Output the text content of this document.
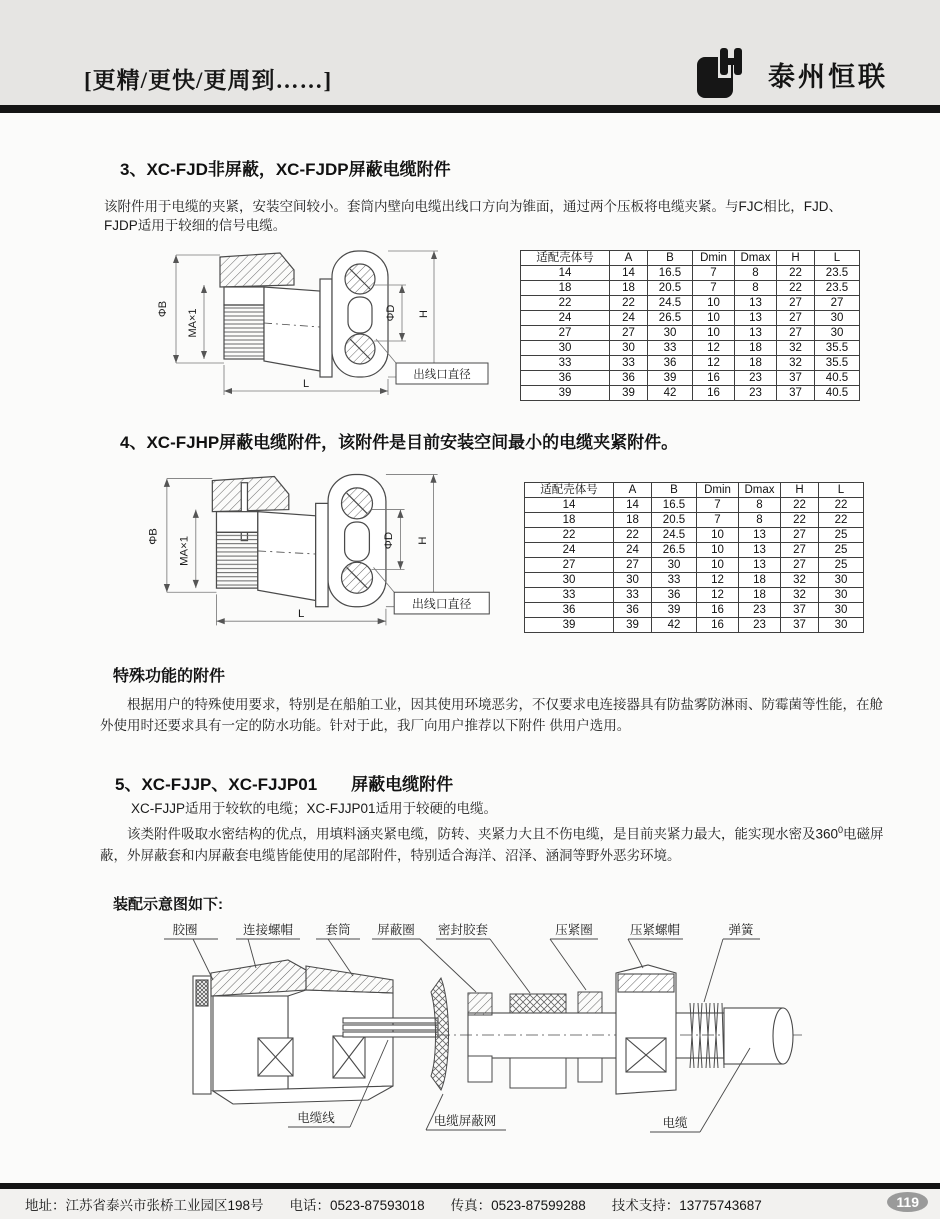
[更精/更快/更周到……]	泰州恒联
3、XC-FJD非屏蔽，XC-FJDP屏蔽电缆附件

该附件用于电缆的夹紧，安装空间较小。套筒内壁向电缆出线口方向为锥面，通过两个压板将电缆夹紧。与FJC相比，FJD、FJDP适用于较细的信号电缆。

ΦB MA×1	ΦD H
L
出线口直径
适配壳体号	A	B	Dmin	Dmax	H	L
14	14	16.5	7	8	22	23.5
18	18	20.5	7	8	22	23.5
22	22	24.5	10	13	27	27
24	24	26.5	10	13	27	30
27	27	30	10	13	27	30
30	30	33	12	18	32	35.5
33	33	36	12	18	32	35.5
36	36	39	16	23	37	40.5
39	39	42	16	23	37	40.5
4、XC-FJHP屏蔽电缆附件，该附件是目前安装空间最小的电缆夹紧附件。
ΦB MA×1	ΦD H
L
出线口直径
适配壳体号	A	B	Dmin	Dmax	H	L
14	14	16.5	7	8	22	22
18	18	20.5	7	8	22	22
22	22	24.5	10	13	27	25
24	24	26.5	10	13	27	25
27	27	30	10	13	27	25
30	30	33	12	18	32	30
33	33	36	12	18	32	30
36	36	39	16	23	37	30
39	39	42	16	23	37	30
特殊功能的附件

根据用户的特殊使用要求，特别是在船舶工业，因其使用环境恶劣，不仅要求电连接器具有防盐雾防淋雨、防霉菌等性能，在舱外使用时还要求具有一定的防水功能。针对于此，我厂向用户推荐以下附件 供用户选用。

5、XC-FJJP、XC-FJJP01　　屏蔽电缆附件

XC-FJJP适用于较软的电缆；XC-FJJP01适用于较硬的电缆。

该类附件吸取水密结构的优点，用填料涵夹紧电缆，防转、夹紧力大且不伤电缆，是目前夹紧力最大，能实现水密及$360^0$电磁屏蔽，外屏蔽套和内屏蔽套电缆皆能使用的尾部附件，特别适合海洋、沼泽、涵洞等野外恶劣环境。

装配示意图如下:
胶圈	连接螺帽	套筒 屏蔽圈 密封胶套	压紧圈	压紧螺帽	弹簧
电缆线	电缆屏蔽网	电缆
地址：江苏省泰兴市张桥工业园区198号 电话：0523-87593018 传真：0523-87599288 技术支持：13775743687	119
